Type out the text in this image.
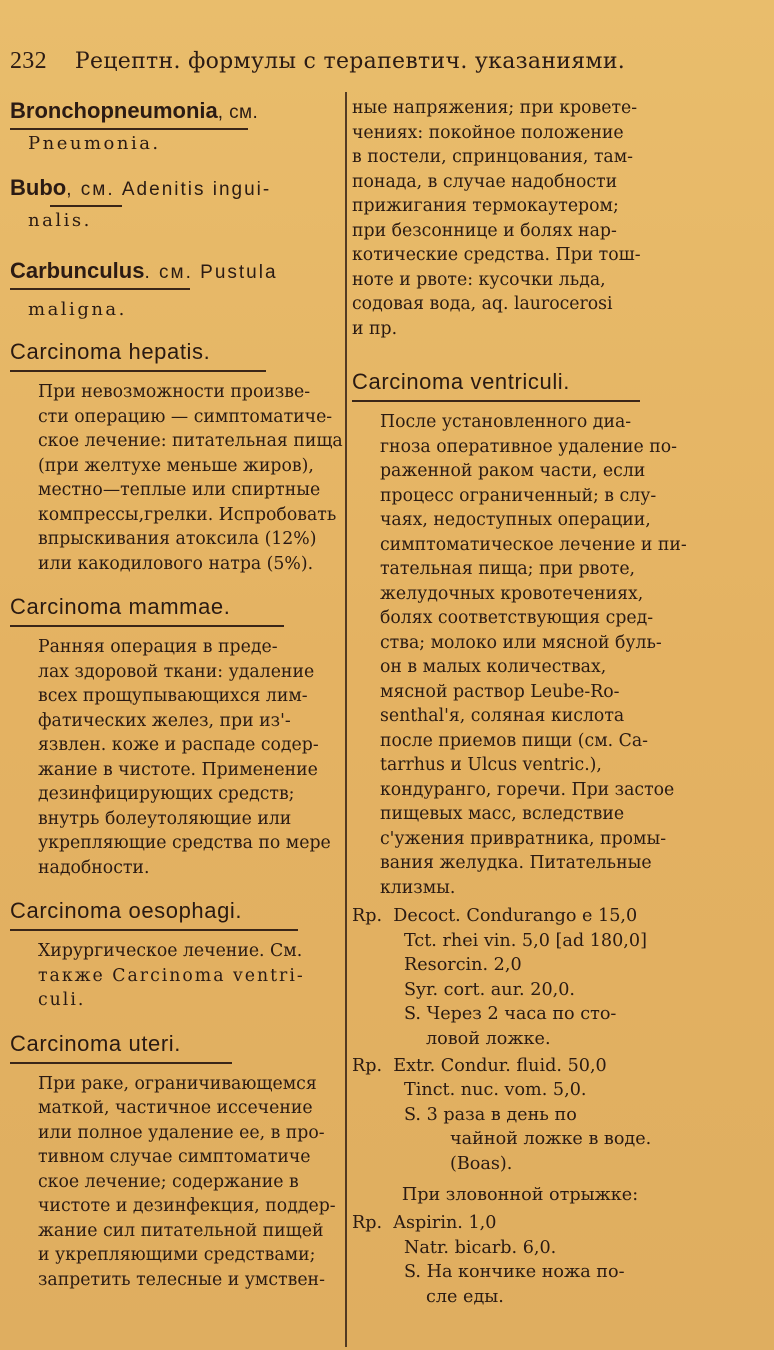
232 Рецептн. формулы с терапевтич. указаниями.
Bronchopneumonia, см.
Pneumonia.
Bubo, см. Adenitis ingui-
nalis.
Carbunculus. см. Pustula
maligna.
Carcinoma hepatis.
При невозможности произве-
сти операцию — симптоматиче-
ское лечение: питательная пища
(при желтухе меньше жиров),
местно—теплые или спиртные
компрессы,грелки. Испробовать
впрыскивания атоксила (12%)
или какодилового натра (5%).
Carcinoma mammae.
Ранняя операция в преде-
лах здоровой ткани: удаление
всех прощупывающихся лим-
фатических желез, при из'-
язвлен. коже и распаде содер-
жание в чистоте. Применение
дезинфицирующих средств;
внутрь болеутоляющие или
укрепляющие средства по мере
надобности.
Carcinoma oesophagi.
Хирургическое лечение. См.
также Carcinoma ventri-
culi.
Carcinoma uteri.
При раке, ограничивающемся
маткой, частичное иссечение
или полное удаление ее, в про-
тивном случае симптоматиче
ское лечение; содержание в
чистоте и дезинфекция, поддер-
жание сил питательной пищей
и укрепляющими средствами;
запретить телесные и умствен-
ные напряжения; при кровете-
чениях: покойное положение
в постели, спринцования, там-
понада, в случае надобности
прижигания термокаутером;
при безсоннице и болях нар-
котические средства. При тош-
ноте и рвоте: кусочки льда,
содовая вода, aq. laurocerosi
и пр.
Carcinoma ventriculi.
После установленного диа-
гноза оперативное удаление по-
раженной раком части, если
процесс ограниченный; в слу-
чаях, недоступных операции,
симптоматическое лечение и пи-
тательная пища; при рвоте,
желудочных кровотечениях,
болях соответствующия сред-
ства; молоко или мясной буль-
он в малых количествах,
мясной раствор Leube-Ro-
senthal'я, соляная кислота
после приемов пищи (см. Ca-
tarrhus и Ulcus ventric.),
кондуранго, горечи. При застое
пищевых масс, вследствие
с'ужения привратника, промы-
вания желудка. Питательные
клизмы.
Rp. Decoct. Condurango e 15,0
Tct. rhei vin. 5,0 [ad 180,0]
Resorcin. 2,0
Syr. cort. aur. 20,0.
S. Через 2 часа по сто-
ловой ложке.
Rp. Extr. Condur. fluid. 50,0
Tinct. nuc. vom. 5,0.
S. 3 раза в день по
чайной ложке в воде.
(Boas).
При зловонной отрыжке:
Rp. Aspirin. 1,0
Natr. bicarb. 6,0.
S. На кончике ножа по-
сле еды.
